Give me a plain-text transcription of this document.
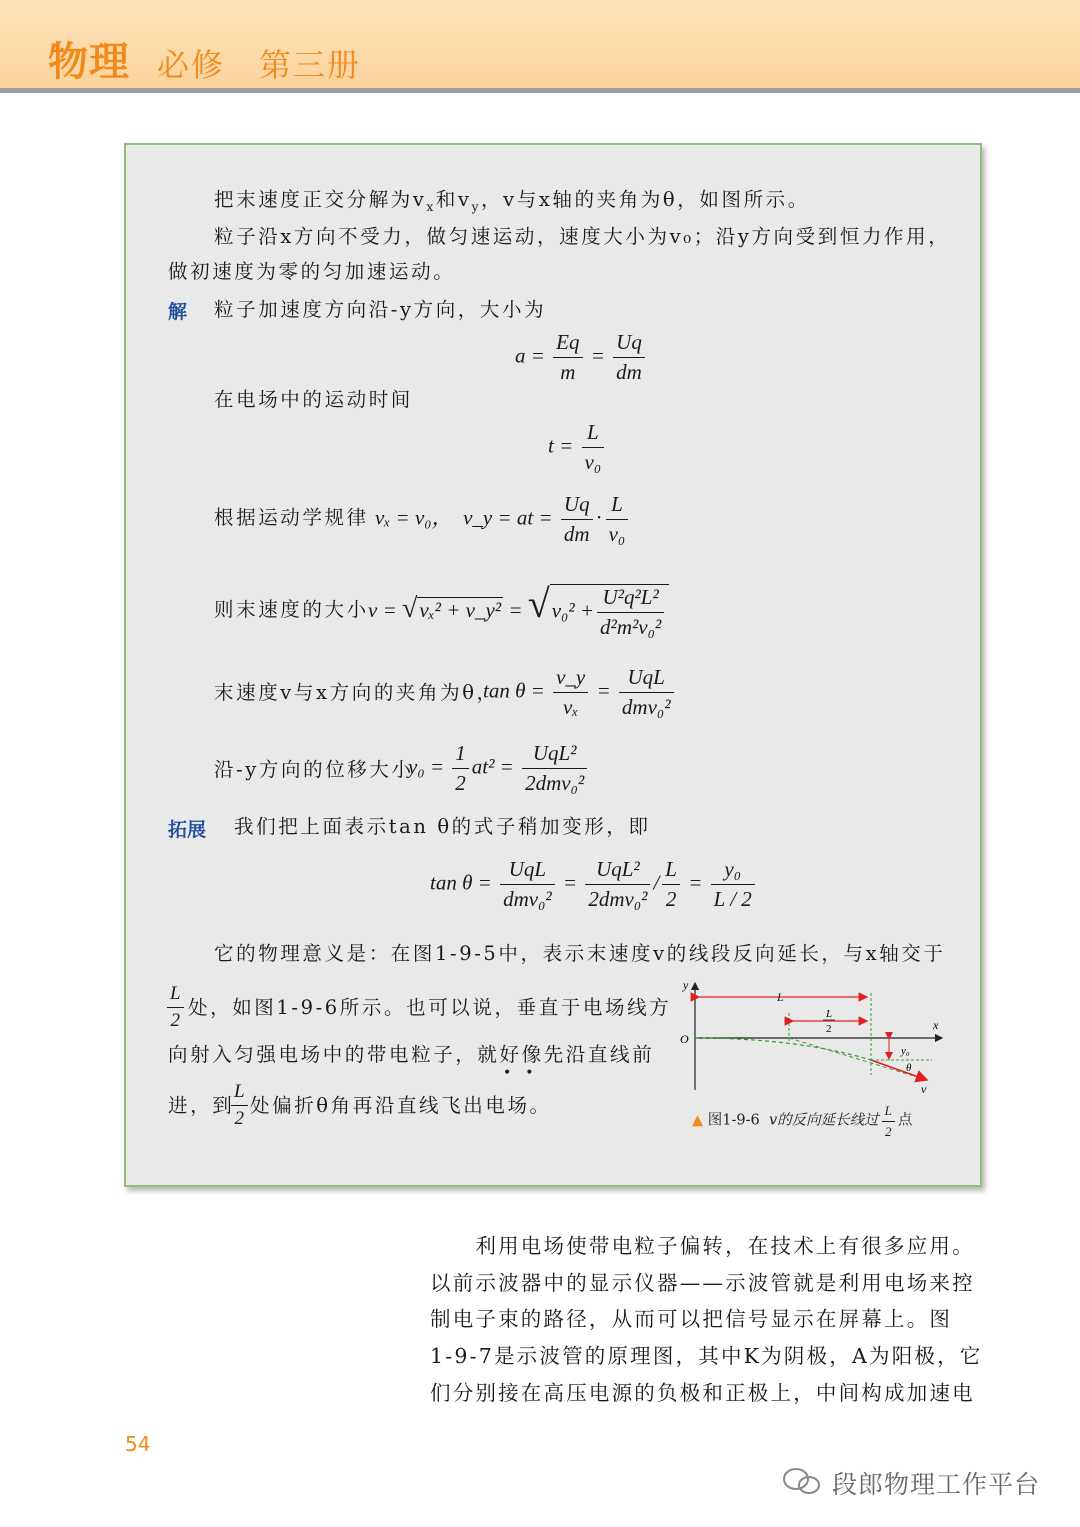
物理 必修　第三册
把末速度正交分解为$v_x$和$v_y$，v与x轴的夹角为θ，如图所示。
粒子沿x方向不受力，做匀速运动，速度大小为v₀；沿y方向受到恒力作用，
做初速度为零的匀加速运动。
解 粒子加速度方向沿-y方向，大小为
$a = \frac{Eq}{m} = \frac{Uq}{dm}$
在电场中的运动时间
$t = \frac{L}{\text{v₀}}$
根据运动学规律 vₓ = v₀， v_y = at = $\frac{Uq}{dm} \cdot \frac{L}{\text{v₀}}$
则末速度的大小 v = √vₓ² + v_y² = $√v_0^2 + \frac{\text{U²q²L²}}{\text{d²m²v₀²}}$
末速度v与x方向的夹角为θ，
$\tan \theta = \frac{v\_y}{\text{vₓ}} = \frac{\text{UqL}}{\text{dmv₀²}}$
沿-y方向的位移大小
$y_0 = \frac{1}{2} at^2 = \frac{\text{UqL²}}{\text{2dmv₀²}}$
拓展 我们把上面表示tan θ的式子稍加变形，即
$\tan \theta = \frac{\text{UqL}}{\text{dmv₀²}} = \frac{\text{UqL²}}{\text{2dmv₀²}} / \frac{L}{2} = \frac{\text{y₀}}{L / 2}$
它的物理意义是：在图1-9-5中，表示末速度v的线段反向延长，与x轴交于
$\frac{L}{2}$ 处，如图1-9-6所示。也可以说，垂直于电场线方
向射入匀强电场中的带电粒子，就好像先沿直线前
••
进，到
$\frac{L}{2}$ 处偏折θ角再沿直线飞出电场。
y
x
O
L
L
2
y₀
θ
v
▲ 图1-9-6 v的反向延长线过 $\frac{L}{2}$ 点
　　利用电场使带电粒子偏转，在技术上有很多应用。
以前示波器中的显示仪器——示波管就是利用电场来控
制电子束的路径，从而可以把信号显示在屏幕上。图
1-9-7是示波管的原理图，其中K为阴极，A为阳极，它
们分别接在高压电源的负极和正极上，中间构成加速电
54
段郎物理工作平台
